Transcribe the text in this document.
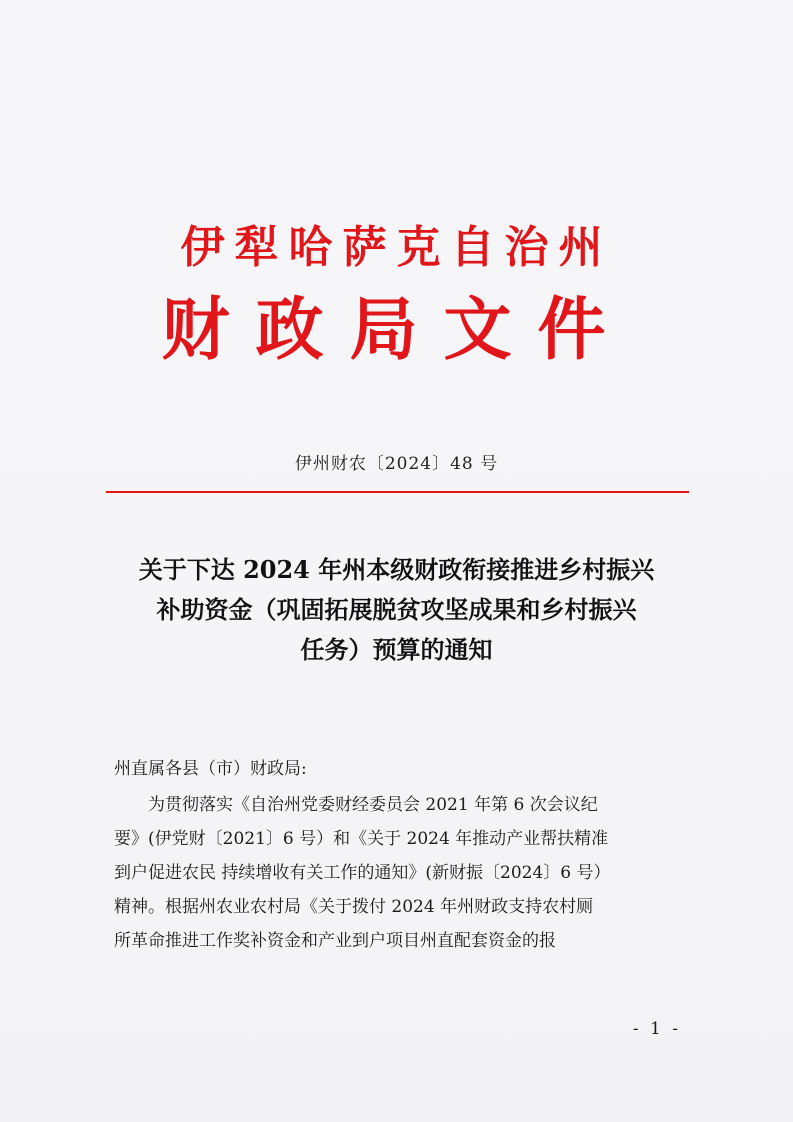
伊犁哈萨克自治州
财政局文件
伊州财农〔2024〕48 号
关于下达 2024 年州本级财政衔接推进乡村振兴
补助资金（巩固拓展脱贫攻坚成果和乡村振兴
任务）预算的通知
州直属各县（市）财政局:
为贯彻落实《自治州党委财经委员会 2021 年第 6 次会议纪
要》(伊党财〔2021〕6 号）和《关于 2024 年推动产业帮扶精准
到户促进农民 持续增收有关工作的通知》(新财振〔2024〕6 号）
精神。根据州农业农村局《关于拨付 2024 年州财政支持农村厕
所革命推进工作奖补资金和产业到户项目州直配套资金的报
- 1 -
